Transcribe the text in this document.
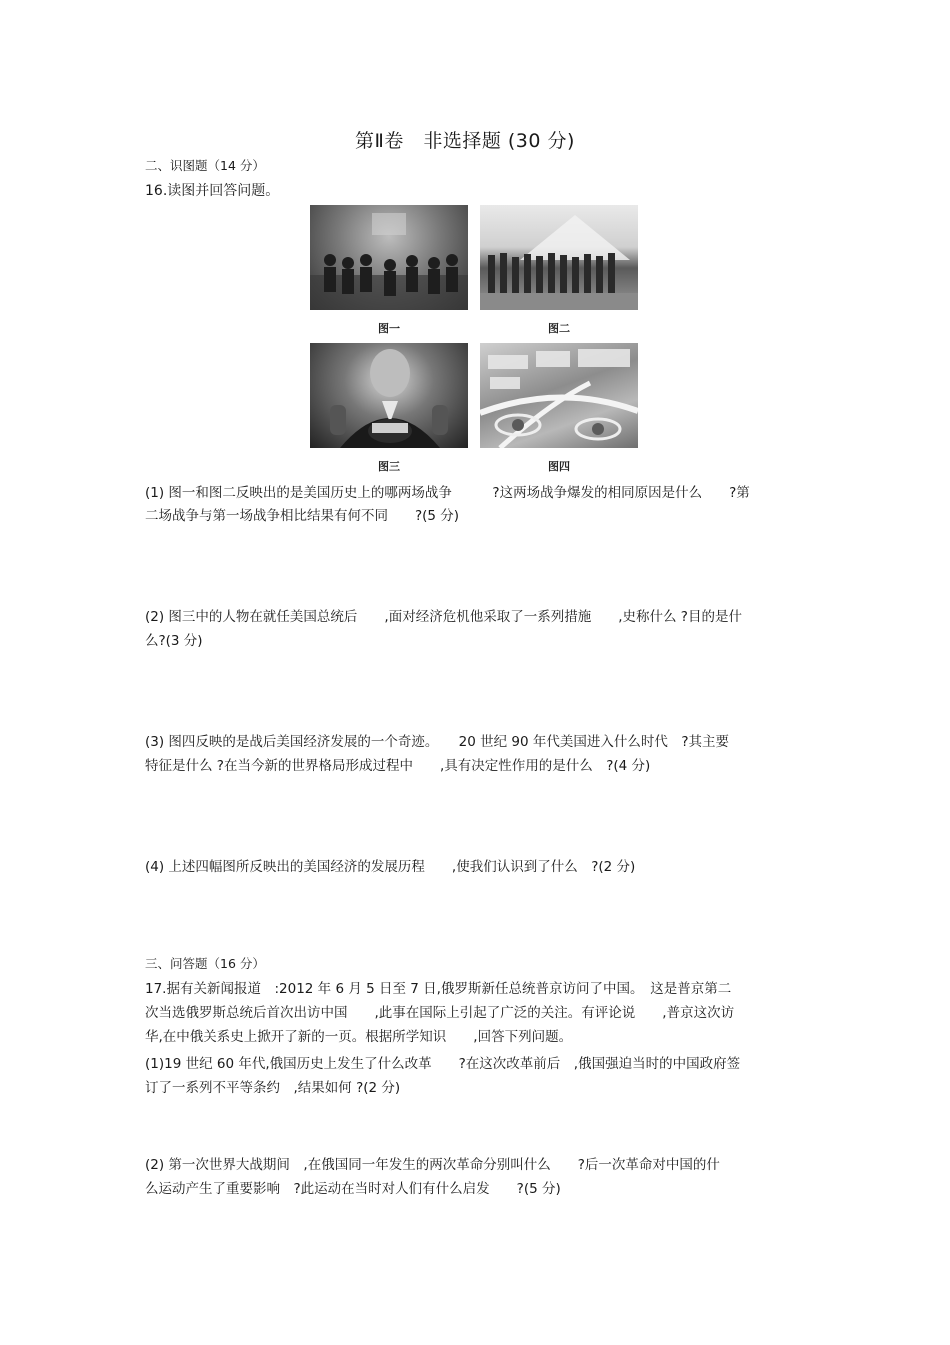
第Ⅱ卷　非选择题 (30 分)
二、识图题（14 分）
16.读图并回答问题。
图一	图二
图三	图四
(1) 图一和图二反映出的是美国历史上的哪两场战争　　　?这两场战争爆发的相同原因是什么　　?第
二场战争与第一场战争相比结果有何不同　　?(5 分)
(2) 图三中的人物在就任美国总统后　　,面对经济危机他采取了一系列措施　　,史称什么 ?目的是什
么?(3 分)
(3) 图四反映的是战后美国经济发展的一个奇迹。　　20 世纪 90 年代美国进入什么时代　?其主要
特征是什么 ?在当今新的世界格局形成过程中　　,具有决定性作用的是什么　?(4 分)
(4) 上述四幅图所反映出的美国经济的发展历程　　,使我们认识到了什么　?(2 分)
三、问答题（16 分）
17.据有关新闻报道　:2012 年 6 月 5 日至 7 日,俄罗斯新任总统普京访问了中国。　这是普京第二
次当选俄罗斯总统后首次出访中国　　,此事在国际上引起了广泛的关注。有评论说　　,普京这次访
华,在中俄关系史上掀开了新的一页。根据所学知识　　,回答下列问题。
(1)19 世纪 60 年代,俄国历史上发生了什么改革　　?在这次改革前后　,俄国强迫当时的中国政府签
订了一系列不平等条约　,结果如何 ?(2 分)
(2) 第一次世界大战期间　,在俄国同一年发生的两次革命分别叫什么　　?后一次革命对中国的什
么运动产生了重要影响　?此运动在当时对人们有什么启发　　?(5 分)
